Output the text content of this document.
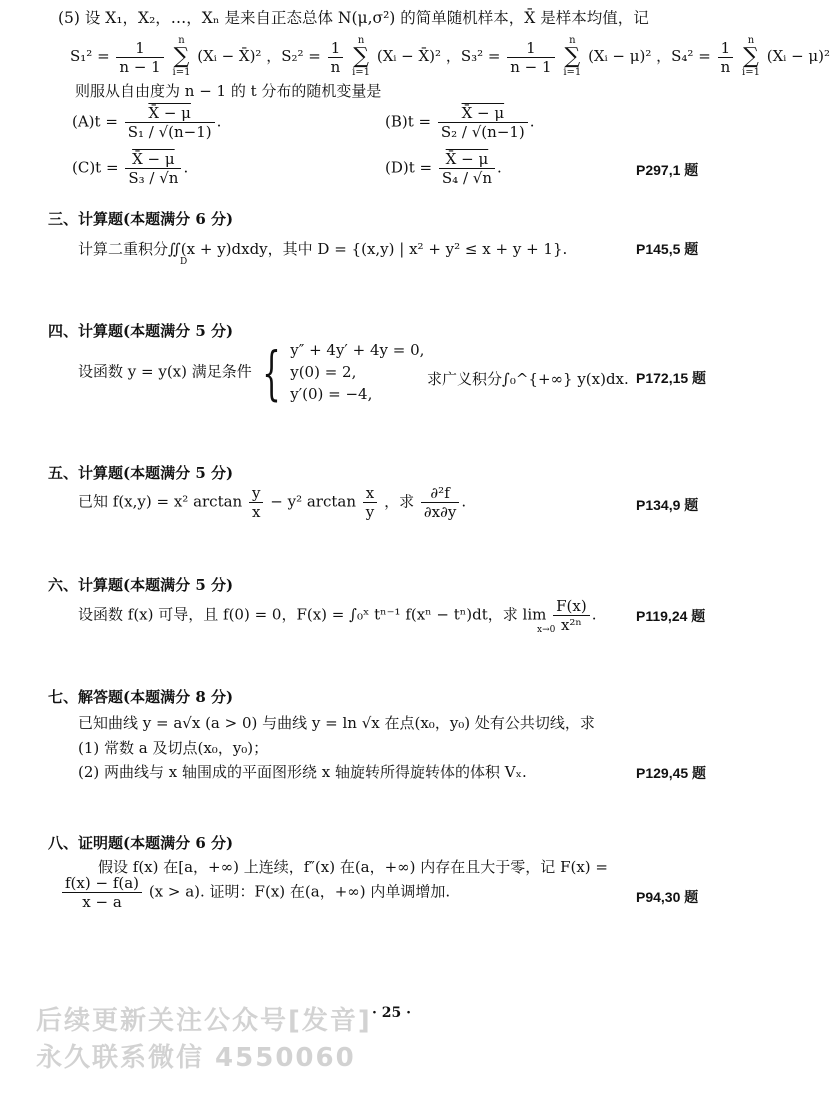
(5) 设 X₁，X₂，…，Xₙ 是来自正态总体 N(μ,σ²) 的简单随机样本，X̄ 是样本均值，记
$S_1^2 = \frac{1}{n - 1}$ n
∑
i=1 (Xᵢ − X̄)² ，$S_2^2 = \frac{1}{n}$ n
∑
i=1 (Xᵢ − X̄)² ，$S_3^2 = \frac{1}{n - 1}$ n
∑
i=1 (Xᵢ − μ)² ，$S_4^2 = \frac{1}{n}$ n
∑
i=1 (Xᵢ − μ)²
则服从自由度为 n − 1 的 t 分布的随机变量是
$(A)t = \frac{X̄ - \mu}{\text{S₁ / √(n−1)}}$ .	$(B)t = \frac{X̄ - \mu}{\text{S₂ / √(n−1)}}$ .
$(C)t = \frac{X̄ - \mu}{\text{S₃ / √n}}$ .	$(D)t = \frac{X̄ - \mu}{\text{S₄ / √n}}$ .	P297,1 题
三、计算题(本题满分 6 分)
计算二重积分∬(x + y)dxdy，其中 D = {(x,y) | x² + y² ≤ x + y + 1}.
D
P145,5 题
四、计算题(本题满分 5 分)
设函数 y = y(x) 满足条件 { y″ + 4y′ + 4y = 0,
y(0) = 2,
y′(0) = −4,
求广义积分∫₀^{+∞} y(x)dx. P172,15 题
五、计算题(本题满分 5 分)
已知 f(x,y) = x² $\arctan \frac{y}{x} - y^2$ $\arctan \frac{x}{y}$ ，求 $\frac{\text{∂²f}}{\partial x\partial y}$ .	P134,9 题
六、计算题(本题满分 5 分)
设函数 f(x) 可导，且 f(0) = 0，F(x) = ∫₀ˣ tⁿ⁻¹ f(xⁿ − tⁿ)dt，求 $\lim \frac{F(x)}{\text{x²ⁿ}}$ .
x→0
P119,24 题
七、解答题(本题满分 8 分)
已知曲线 y = a√x (a > 0) 与曲线 y = ln √x 在点(x₀，y₀) 处有公共切线，求
(1) 常数 a 及切点(x₀，y₀)；
(2) 两曲线与 x 轴围成的平面图形绕 x 轴旋转所得旋转体的体积 Vₓ.	P129,45 题
八、证明题(本题满分 6 分)
假设 f(x) 在[a，+∞) 上连续，f″(x) 在(a，+∞) 内存在且大于零，记 F(x) =
$\frac{f(x) - f(a)}{x - a} (x > a)$. 证明：F(x) 在(a，+∞) 内单调增加.	P94,30 题
后续更新关注公众号[发音]
永久联系微信 4550060
· 25 ·
